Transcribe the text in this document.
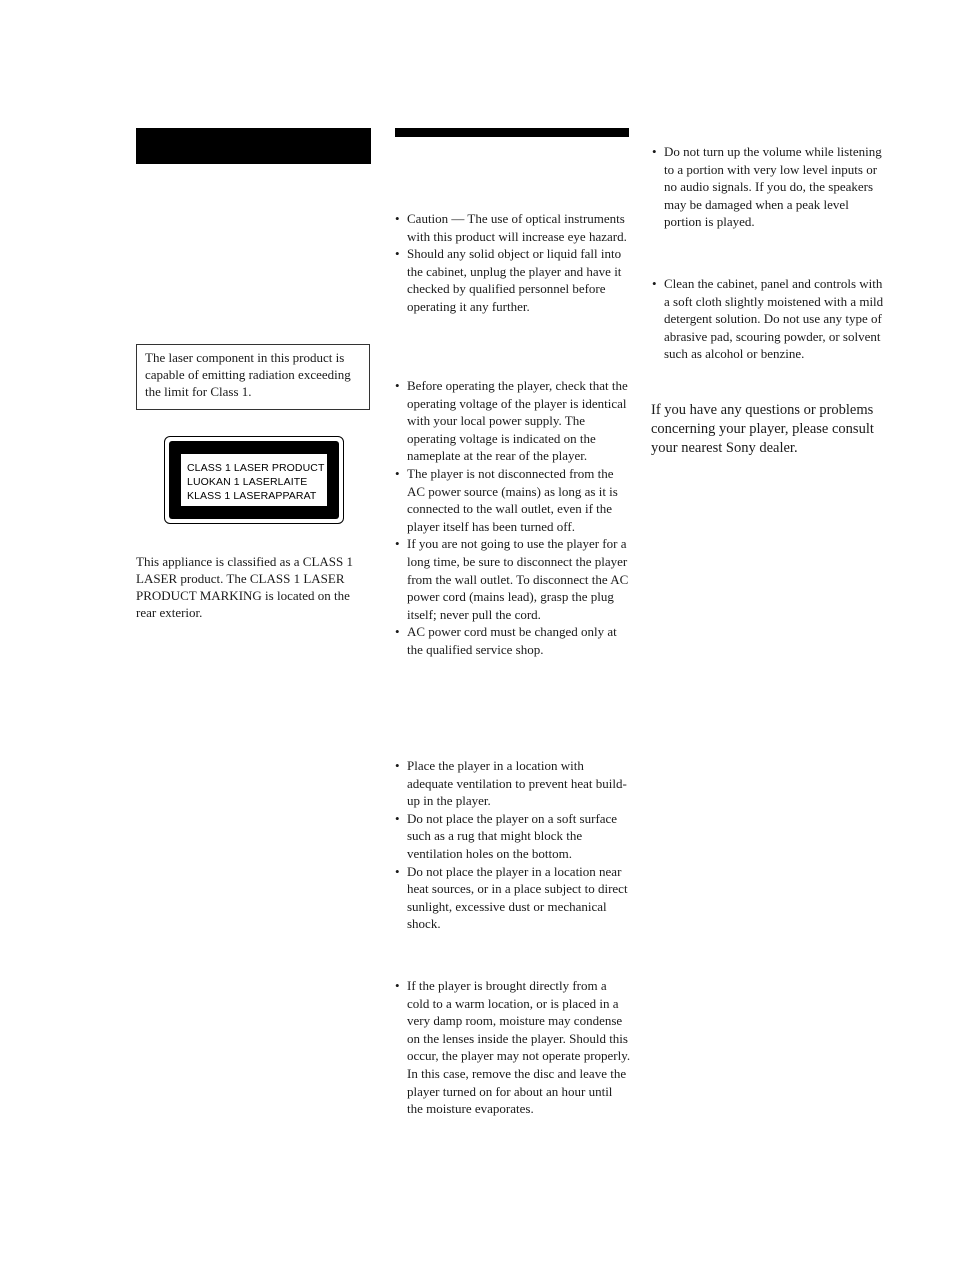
The laser component in this product is capable of emitting radiation exceeding the limit for Class 1.
CLASS 1 LASER PRODUCT
LUOKAN 1 LASERLAITE
KLASS 1 LASERAPPARAT

This appliance is classified as a CLASS 1 LASER product. The CLASS 1 LASER PRODUCT MARKING is located on the rear exterior.

• Caution — The use of optical instruments with this product will increase eye hazard.
• Should any solid object or liquid fall into the cabinet, unplug the player and have it checked by qualified personnel before operating it any further.
• Before operating the player, check that the operating voltage of the player is identical with your local power supply. The operating voltage is indicated on the nameplate at the rear of the player.
• The player is not disconnected from the AC power source (mains) as long as it is connected to the wall outlet, even if the player itself has been turned off.
• If you are not going to use the player for a long time, be sure to disconnect the player from the wall outlet. To disconnect the AC power cord (mains lead), grasp the plug itself; never pull the cord.
• AC power cord must be changed only at the qualified service shop.
• Place the player in a location with adequate ventilation to prevent heat build-up in the player.
• Do not place the player on a soft surface such as a rug that might block the ventilation holes on the bottom.
• Do not place the player in a location near heat sources, or in a place subject to direct sunlight, excessive dust or mechanical shock.
• If the player is brought directly from a cold to a warm location, or is placed in a very damp room, moisture may condense on the lenses inside the player. Should this occur, the player may not operate properly. In this case, remove the disc and leave the player turned on for about an hour until the moisture evaporates.
• Do not turn up the volume while listening to a portion with very low level inputs or no audio signals. If you do, the speakers may be damaged when a peak level portion is played.
• Clean the cabinet, panel and controls with a soft cloth slightly moistened with a mild detergent solution. Do not use any type of abrasive pad, scouring powder, or solvent such as alcohol or benzine.

If you have any questions or problems concerning your player, please consult your nearest Sony dealer.
